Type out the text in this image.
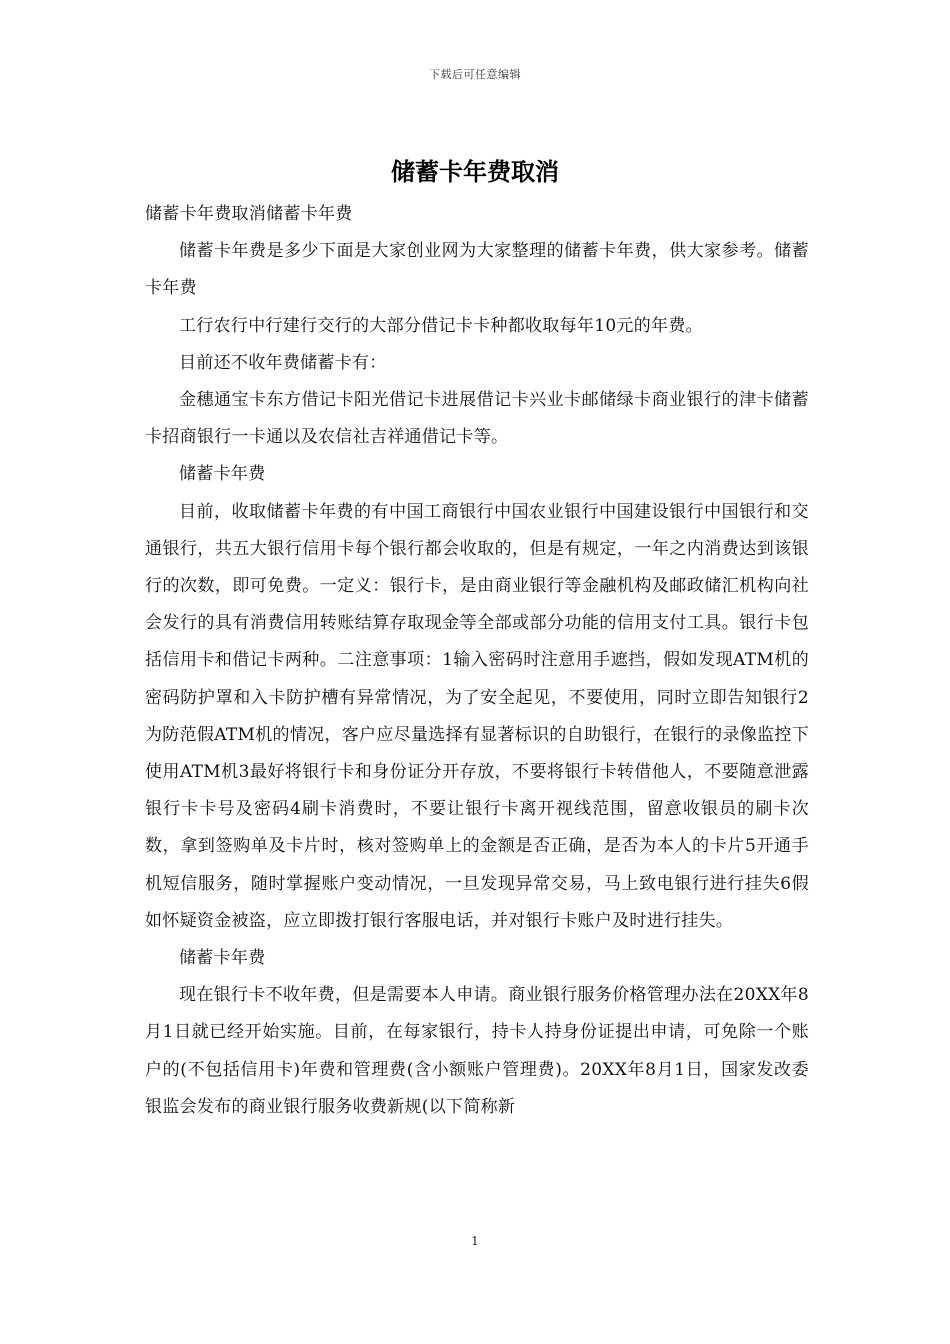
下载后可任意编辑
储蓄卡年费取消

储蓄卡年费取消储蓄卡年费

储蓄卡年费是多少下面是大家创业网为大家整理的储蓄卡年费，供大家参考。储蓄卡年费

工行农行中行建行交行的大部分借记卡卡种都收取每年10元的年费。

目前还不收年费储蓄卡有：

金穗通宝卡东方借记卡阳光借记卡进展借记卡兴业卡邮储绿卡商业银行的津卡储蓄卡招商银行一卡通以及农信社吉祥通借记卡等。

储蓄卡年费

目前，收取储蓄卡年费的有中国工商银行中国农业银行中国建设银行中国银行和交通银行，共五大银行信用卡每个银行都会收取的，但是有规定，一年之内消费达到该银行的次数，即可免费。一定义：银行卡，是由商业银行等金融机构及邮政储汇机构向社会发行的具有消费信用转账结算存取现金等全部或部分功能的信用支付工具。银行卡包括信用卡和借记卡两种。二注意事项：1输入密码时注意用手遮挡，假如发现ATM机的密码防护罩和入卡防护槽有异常情况，为了安全起见，不要使用，同时立即告知银行2为防范假ATM机的情况，客户应尽量选择有显著标识的自助银行，在银行的录像监控下使用ATM机3最好将银行卡和身份证分开存放，不要将银行卡转借他人，不要随意泄露银行卡卡号及密码4刷卡消费时，不要让银行卡离开视线范围，留意收银员的刷卡次数，拿到签购单及卡片时，核对签购单上的金额是否正确，是否为本人的卡片5开通手机短信服务，随时掌握账户变动情况，一旦发现异常交易，马上致电银行进行挂失6假如怀疑资金被盗，应立即拨打银行客服电话，并对银行卡账户及时进行挂失。

储蓄卡年费

现在银行卡不收年费，但是需要本人申请。商业银行服务价格管理办法在20XX年8月1日就已经开始实施。目前，在每家银行，持卡人持身份证提出申请，可免除一个账户的(不包括信用卡)年费和管理费(含小额账户管理费)。20XX年8月1日，国家发改委银监会发布的商业银行服务收费新规(以下简称新

1
